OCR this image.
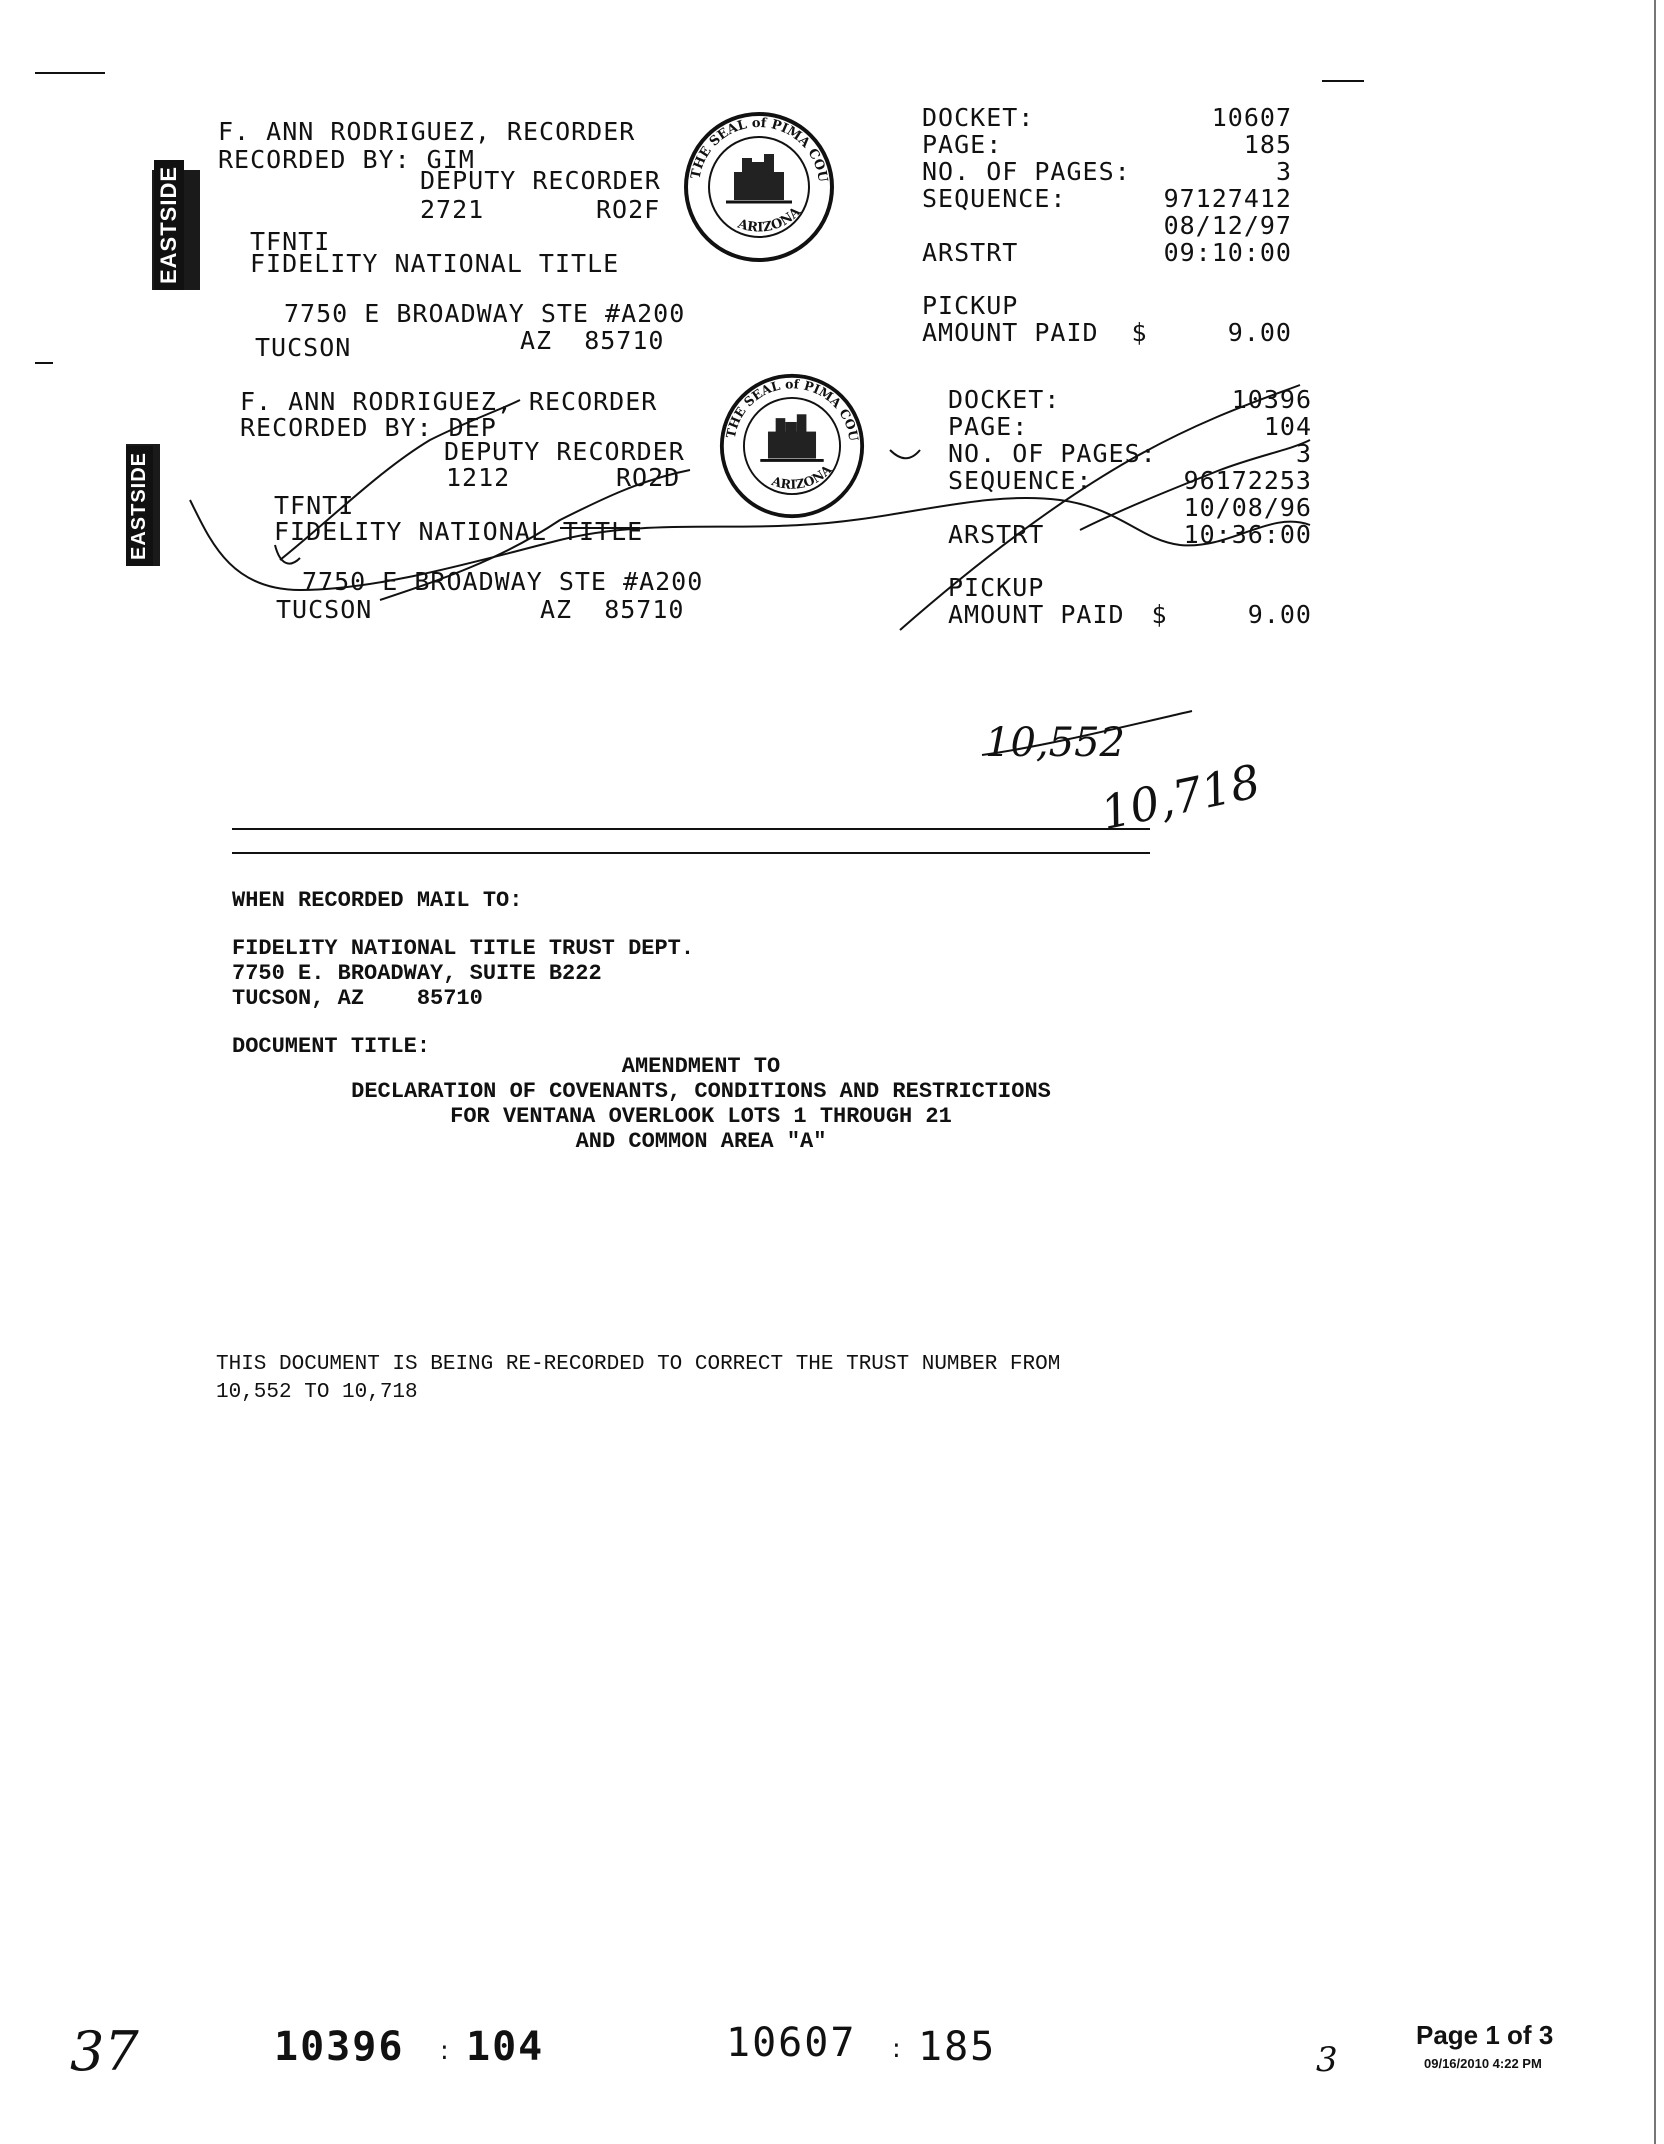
F. ANN RODRIGUEZ, RECORDER
RECORDED BY: GIM
DEPUTY RECORDER
2721	RO2F
TFNTI
FIDELITY NATIONAL TITLE
7750 E BROADWAY STE #A200
TUCSON	AZ  85710
THE SEAL of PIMA COU
ARIZONA
EASTSIDE
DOCKET:	10607
PAGE:	185
NO. OF PAGES:	3
SEQUENCE:	97127412
08/12/97
ARSTRT	09:10:00
PICKUP
AMOUNT PAID $	9.00
F. ANN RODRIGUEZ, RECORDER
RECORDED BY: DEP
DEPUTY RECORDER
1212	RO2D
TFNTI
FIDELITY NATIONAL TITLE
7750 E BROADWAY STE #A200
TUCSON	AZ  85710
THE SEAL of PIMA COU
ARIZONA
EASTSIDE
DOCKET:	10396
PAGE:	104
NO. OF PAGES:	3
SEQUENCE:	96172253
10/08/96
ARSTRT	10:36:00
PICKUP
AMOUNT PAID $	9.00
10,552
10,718
WHEN RECORDED MAIL TO:
FIDELITY NATIONAL TITLE TRUST DEPT.
7750 E. BROADWAY, SUITE B222
TUCSON, AZ    85710
DOCUMENT TITLE:
AMENDMENT TO
DECLARATION OF COVENANTS, CONDITIONS AND RESTRICTIONS
FOR VENTANA OVERLOOK LOTS 1 THROUGH 21
AND COMMON AREA "A"
THIS DOCUMENT IS BEING RE-RECORDED TO CORRECT THE TRUST NUMBER FROM
10,552 TO 10,718
37	10396 104
:	10607 185
:	3
Page 1 of 3
09/16/2010 4:22 PM
